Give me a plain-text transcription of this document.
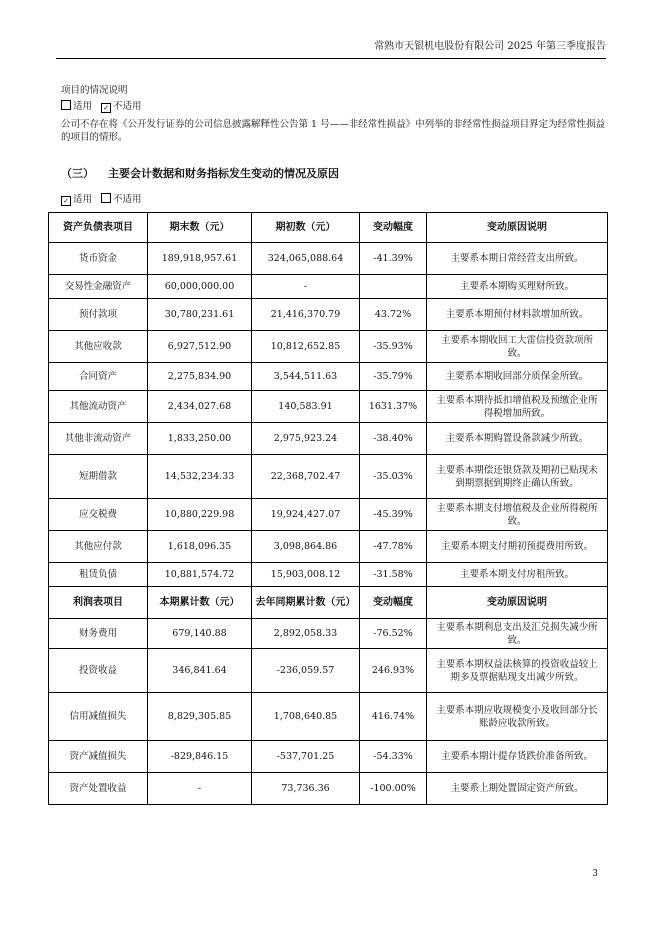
常熟市天银机电股份有限公司 2025 年第三季度报告
项目的情况说明
适用 ✓ 不适用
公司不存在将《公开发行证券的公司信息披露解释性公告第 1 号——非经常性损益》中列举的非经常性损益项目界定为经常性损益的项目的情形。
（三） 主要会计数据和财务指标发生变动的情况及原因
✓ 适用 不适用
资产负债表项目	期末数（元）	期初数（元）	变动幅度	变动原因说明
货币资金	189,918,957.61	324,065,088.64	-41.39%	主要系本期日常经营支出所致。
交易性金融资产	60,000,000.00	-		主要系本期购买理财所致。
预付款项	30,780,231.61	21,416,370.79	43.72%	主要系本期预付材料款增加所致。
其他应收款	6,927,512.90	10,812,652.85	-35.93%	主要系本期收回工大雷信投资款项所致。
合同资产	2,275,834.90	3,544,511.63	-35.79%	主要系本期收回部分质保金所致。
其他流动资产	2,434,027.68	140,583.91	1631.37%	主要系本期待抵扣增值税及预缴企业所得税增加所致。
其他非流动资产	1,833,250.00	2,975,923.24	-38.40%	主要系本期购置设备款减少所致。
短期借款	14,532,234.33	22,368,702.47	-35.03%	主要系本期偿还银贷款及期初已贴现未到期票据到期终止确认所致。
应交税费	10,880,229.98	19,924,427.07	-45.39%	主要系本期支付增值税及企业所得税所致。
其他应付款	1,618,096.35	3,098,864.86	-47.78%	主要系本期支付期初预提费用所致。
租赁负债	10,881,574.72	15,903,008.12	-31.58%	主要系本期支付房租所致。
利润表项目	本期累计数（元）	去年同期累计数（元）	变动幅度	变动原因说明
财务费用	679,140.88	2,892,058.33	-76.52%	主要系本期利息支出及汇兑损失减少所致。
投资收益	346,841.64	-236,059.57	246.93%	主要系本期权益法核算的投资收益较上期多及票据贴现支出减少所致。
信用减值损失	8,829,305.85	1,708,640.85	416.74%	主要系本期应收规模变小及收回部分长账龄应收款所致。
资产减值损失	-829,846.15	-537,701.25	-54.33%	主要系本期计提存货跌价准备所致。
资产处置收益	-	73,736.36	-100.00%	主要系上期处置固定资产所致。
3
